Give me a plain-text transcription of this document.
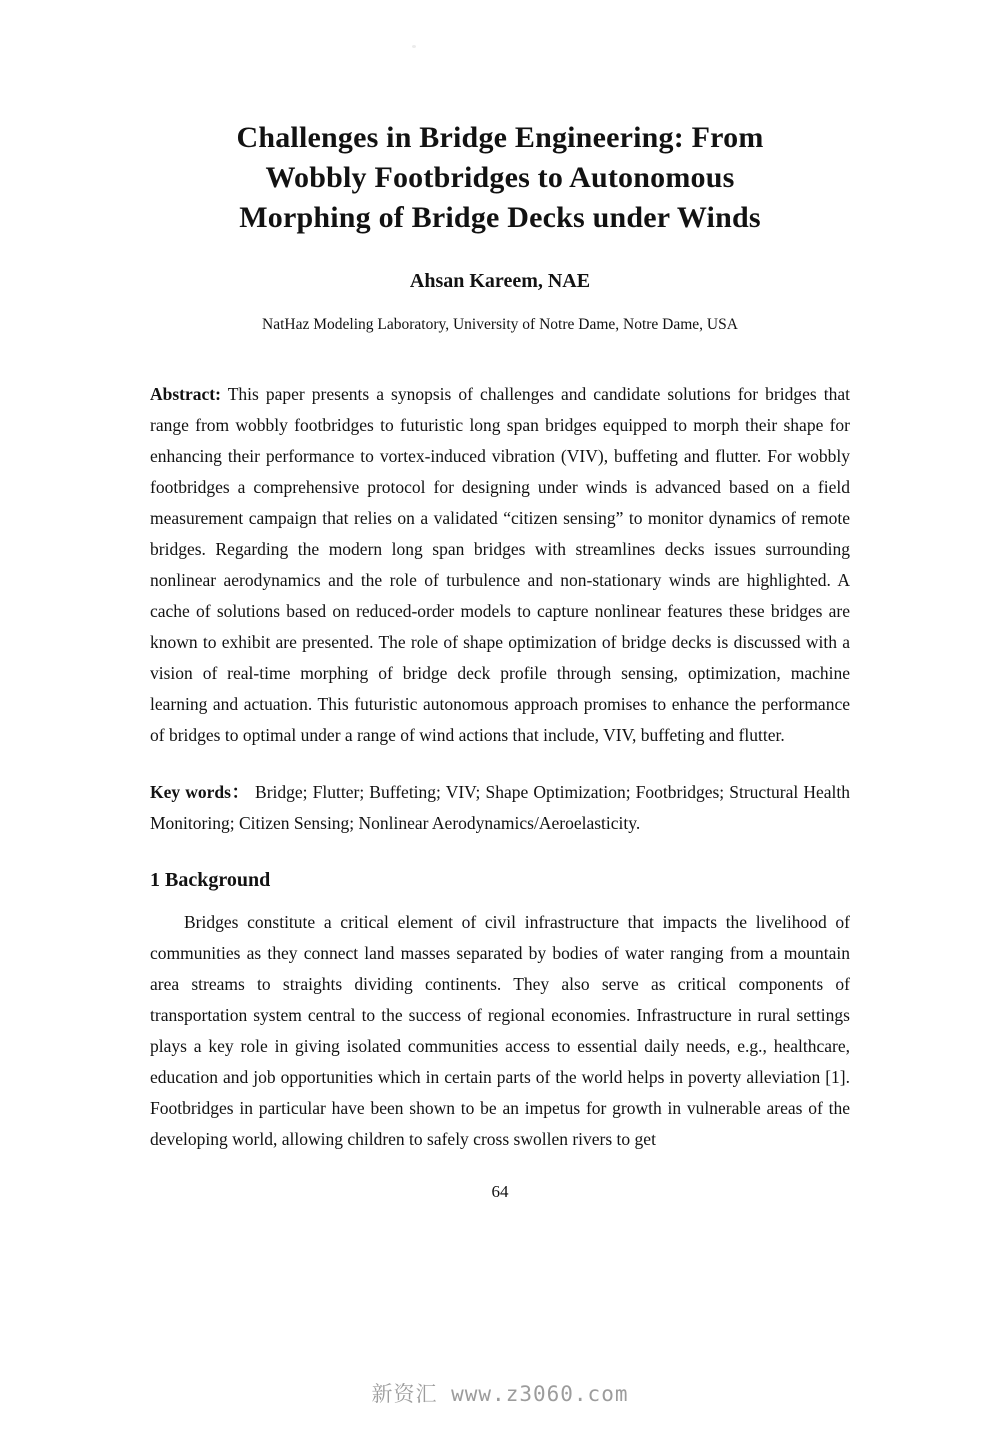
Challenges in Bridge Engineering: From
Wobbly Footbridges to Autonomous
Morphing of Bridge Decks under Winds
Ahsan Kareem, NAE
NatHaz Modeling Laboratory, University of Notre Dame, Notre Dame, USA

Abstract: This paper presents a synopsis of challenges and candidate solutions for bridges that range from wobbly footbridges to futuristic long span bridges equipped to morph their shape for enhancing their performance to vortex-induced vibration (VIV), buffeting and flutter. For wobbly footbridges a comprehensive protocol for designing under winds is advanced based on a field measurement campaign that relies on a validated “citizen sensing” to monitor dynamics of remote bridges. Regarding the modern long span bridges with streamlines decks issues surrounding nonlinear aerodynamics and the role of turbulence and non-stationary winds are highlighted. A cache of solutions based on reduced-order models to capture nonlinear features these bridges are known to exhibit are presented. The role of shape optimization of bridge decks is discussed with a vision of real-time morphing of bridge deck profile through sensing, optimization, machine learning and actuation. This futuristic autonomous approach promises to enhance the performance of bridges to optimal under a range of wind actions that include, VIV, buffeting and flutter.

Key words： Bridge; Flutter; Buffeting; VIV; Shape Optimization; Footbridges; Structural Health Monitoring; Citizen Sensing; Nonlinear Aerodynamics/Aeroelasticity.

1 Background

Bridges constitute a critical element of civil infrastructure that impacts the livelihood of communities as they connect land masses separated by bodies of water ranging from a mountain area streams to straights dividing continents. They also serve as critical components of transportation system central to the success of regional economies. Infrastructure in rural settings plays a key role in giving isolated communities access to essential daily needs, e.g., healthcare, education and job opportunities which in certain parts of the world helps in poverty alleviation [1]. Footbridges in particular have been shown to be an impetus for growth in vulnerable areas of the developing world, allowing children to safely cross swollen rivers to get

64
新资汇 www.z3060.com
